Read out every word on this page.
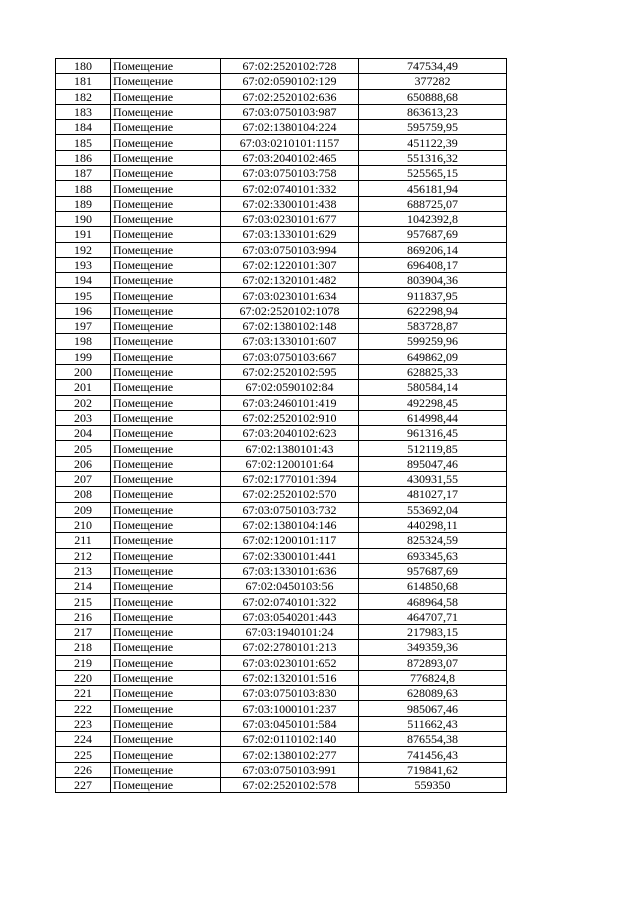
180	Помещение	67:02:2520102:728	747534,49
181	Помещение	67:02:0590102:129	377282
182	Помещение	67:02:2520102:636	650888,68
183	Помещение	67:03:0750103:987	863613,23
184	Помещение	67:02:1380104:224	595759,95
185	Помещение	67:03:0210101:1157	451122,39
186	Помещение	67:03:2040102:465	551316,32
187	Помещение	67:03:0750103:758	525565,15
188	Помещение	67:02:0740101:332	456181,94
189	Помещение	67:02:3300101:438	688725,07
190	Помещение	67:03:0230101:677	1042392,8
191	Помещение	67:03:1330101:629	957687,69
192	Помещение	67:03:0750103:994	869206,14
193	Помещение	67:02:1220101:307	696408,17
194	Помещение	67:02:1320101:482	803904,36
195	Помещение	67:03:0230101:634	911837,95
196	Помещение	67:02:2520102:1078	622298,94
197	Помещение	67:02:1380102:148	583728,87
198	Помещение	67:03:1330101:607	599259,96
199	Помещение	67:03:0750103:667	649862,09
200	Помещение	67:02:2520102:595	628825,33
201	Помещение	67:02:0590102:84	580584,14
202	Помещение	67:03:2460101:419	492298,45
203	Помещение	67:02:2520102:910	614998,44
204	Помещение	67:03:2040102:623	961316,45
205	Помещение	67:02:1380101:43	512119,85
206	Помещение	67:02:1200101:64	895047,46
207	Помещение	67:02:1770101:394	430931,55
208	Помещение	67:02:2520102:570	481027,17
209	Помещение	67:03:0750103:732	553692,04
210	Помещение	67:02:1380104:146	440298,11
211	Помещение	67:02:1200101:117	825324,59
212	Помещение	67:02:3300101:441	693345,63
213	Помещение	67:03:1330101:636	957687,69
214	Помещение	67:02:0450103:56	614850,68
215	Помещение	67:02:0740101:322	468964,58
216	Помещение	67:03:0540201:443	464707,71
217	Помещение	67:03:1940101:24	217983,15
218	Помещение	67:02:2780101:213	349359,36
219	Помещение	67:03:0230101:652	872893,07
220	Помещение	67:02:1320101:516	776824,8
221	Помещение	67:03:0750103:830	628089,63
222	Помещение	67:03:1000101:237	985067,46
223	Помещение	67:03:0450101:584	511662,43
224	Помещение	67:02:0110102:140	876554,38
225	Помещение	67:02:1380102:277	741456,43
226	Помещение	67:03:0750103:991	719841,62
227	Помещение	67:02:2520102:578	559350
